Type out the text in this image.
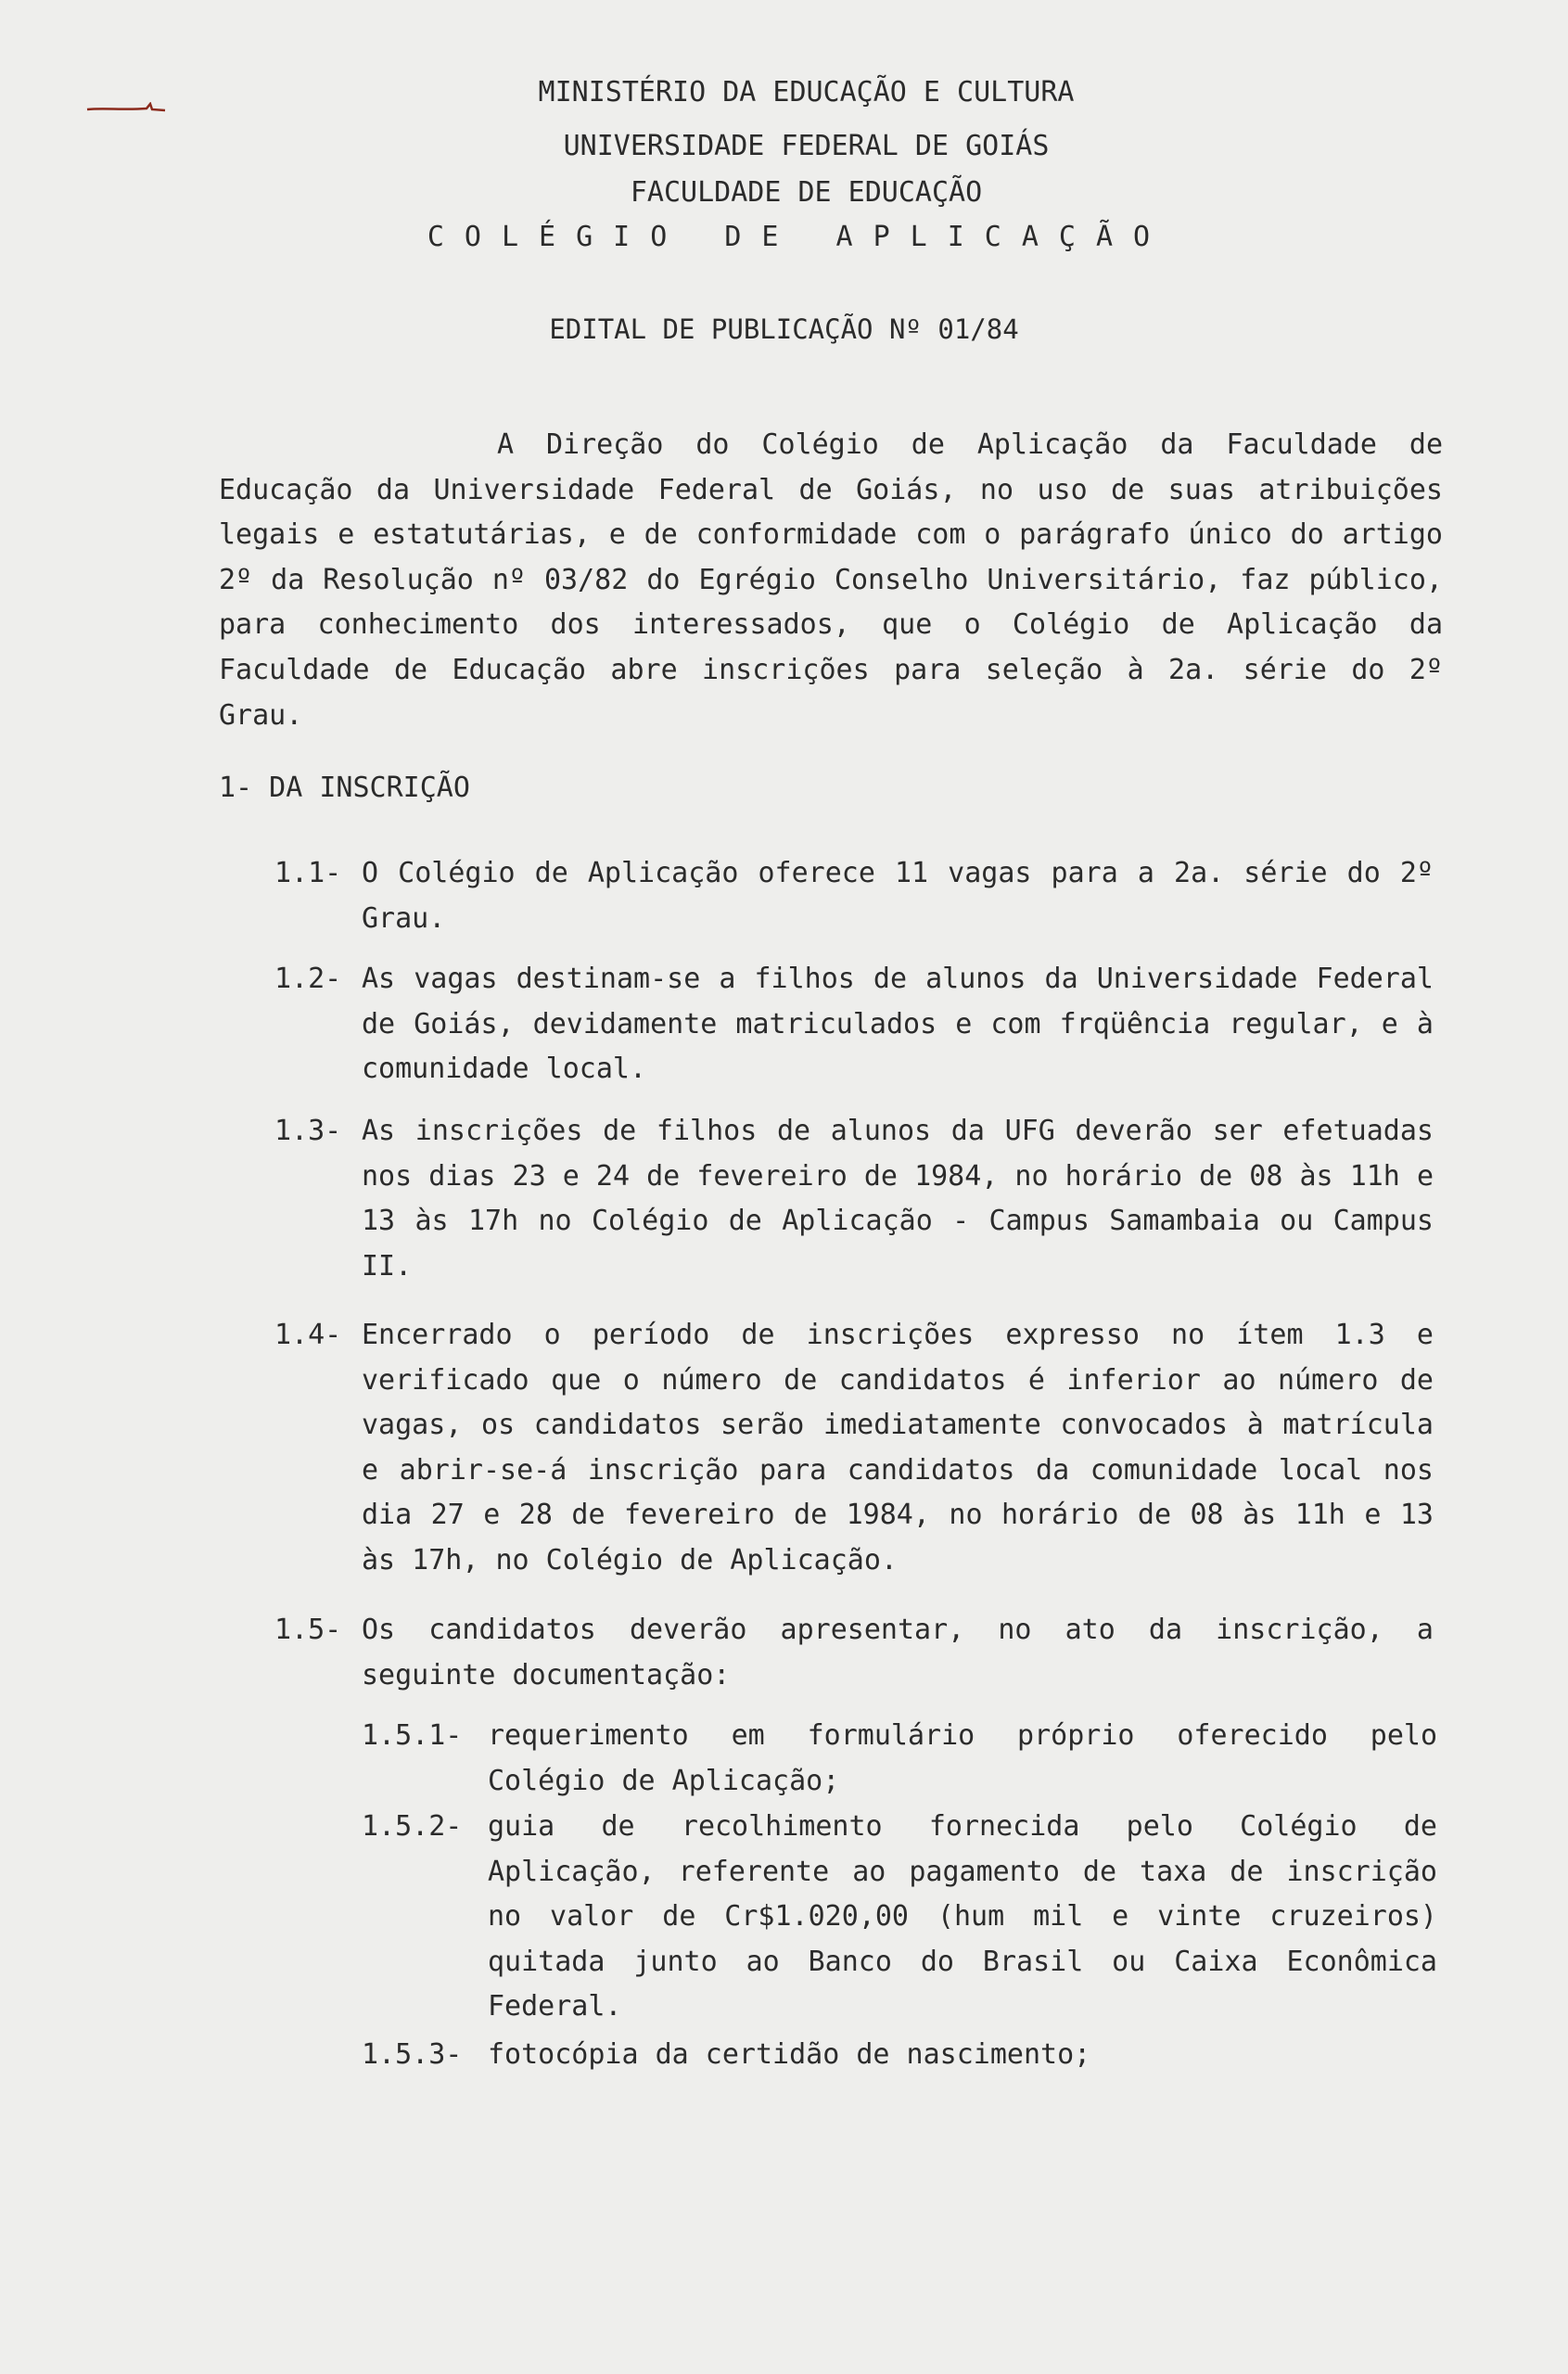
MINISTÉRIO DA EDUCAÇÃO E CULTURA
UNIVERSIDADE FEDERAL DE GOIÁS
FACULDADE DE EDUCAÇÃO
COLÉGIO DE APLICAÇÃO
EDITAL DE PUBLICAÇÃO Nº 01/84

A Direção do Colégio de Aplicação da Faculdade de Educação da Universidade Federal de Goiás, no uso de suas atribuições legais e estatutárias, e de conformidade com o parágrafo único do artigo 2º da Resolução nº 03/82 do Egrégio Conselho Universitário, faz público, para conhecimento dos interessados, que o Colégio de Aplicação da Faculdade de Educação abre inscrições para seleção à 2a. série do 2º Grau.

1- DA INSCRIÇÃO
1.1- O Colégio de Aplicação oferece 11 vagas para a 2a. série do 2º Grau.
1.2- As vagas destinam-se a filhos de alunos da Universidade Federal de Goiás, devidamente matriculados e com frqüência regular, e à comunidade local.
1.3- As inscrições de filhos de alunos da UFG deverão ser efetuadas nos dias 23 e 24 de fevereiro de 1984, no horário de 08 às 11h e 13 às 17h no Colégio de Aplicação - Campus Samambaia ou Campus II.
1.4- Encerrado o período de inscrições expresso no ítem 1.3 e verificado que o número de candidatos é inferior ao número de vagas, os candidatos serão imediatamente convocados à matrícula e abrir-se-á inscrição para candidatos da comunidade local nos dia 27 e 28 de fevereiro de 1984, no horário de 08 às 11h e 13 às 17h, no Colégio de Aplicação.
1.5- Os candidatos deverão apresentar, no ato da inscrição, a seguinte documentação:
1.5.1- requerimento em formulário próprio oferecido pelo Colégio de Aplicação;
1.5.2- guia de recolhimento fornecida pelo Colégio de Aplicação, referente ao pagamento de taxa de inscrição no valor de Cr$1.020,00 (hum mil e vinte cruzeiros) quitada junto ao Banco do Brasil ou Caixa Econômica Federal.
1.5.3- fotocópia da certidão de nascimento;
